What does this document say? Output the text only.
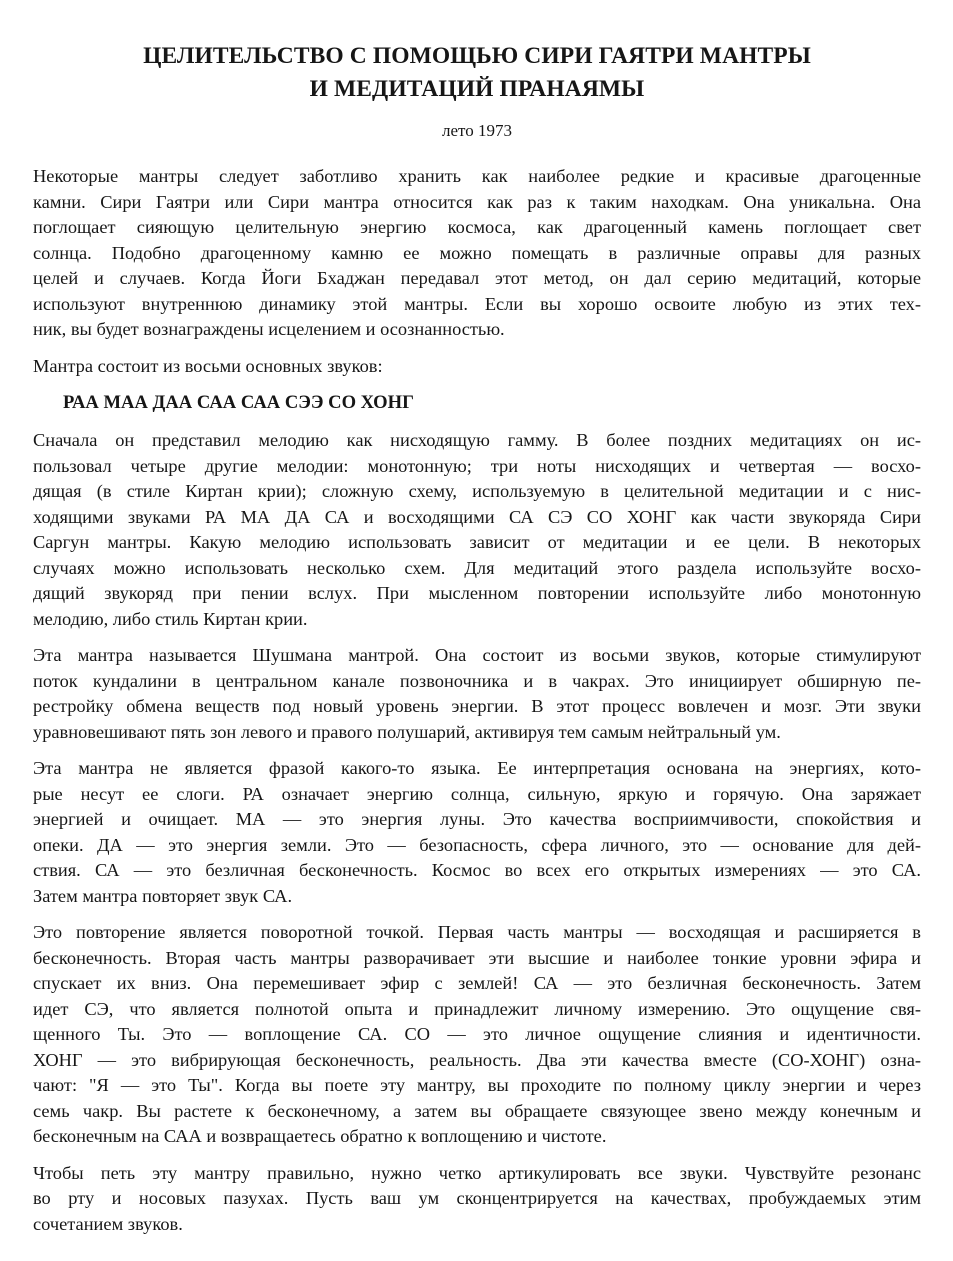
ЦЕЛИТЕЛЬСТВО С ПОМОЩЬЮ СИРИ ГАЯТРИ МАНТРЫ
И МЕДИТАЦИЙ ПРАНАЯМЫ
лето 1973
Некоторые мантры следует заботливо хранить как наиболее редкие и красивые драгоценные
камни. Сири Гаятри или Сири мантра относится как раз к таким находкам. Она уникальна. Она
поглощает сияющую целительную энергию космоса, как драгоценный камень поглощает свет
солнца. Подобно драгоценному камню ее можно помещать в различные оправы для разных
целей и случаев. Когда Йоги Бхаджан передавал этот метод, он дал серию медитаций, которые
используют внутреннюю динамику этой мантры. Если вы хорошо освоите любую из этих тех-
ник, вы будет вознаграждены исцелением и осознанностью.
Мантра состоит из восьми основных звуков:
РАА МАА ДАА САА САА СЭЭ СО ХОНГ
Сначала он представил мелодию как нисходящую гамму. В более поздних медитациях он ис-
пользовал четыре другие мелодии: монотонную; три ноты нисходящих и четвертая — восхо-
дящая (в стиле Киртан крии); сложную схему, используемую в целительной медитации и с нис-
ходящими звуками РА МА ДА СА и восходящими СА СЭ СО ХОНГ как части звукоряда Сири
Саргун мантры. Какую мелодию использовать зависит от медитации и ее цели. В некоторых
случаях можно использовать несколько схем. Для медитаций этого раздела используйте восхо-
дящий звукоряд при пении вслух. При мысленном повторении используйте либо монотонную
мелодию, либо стиль Киртан крии.
Эта мантра называется Шушмана мантрой. Она состоит из восьми звуков, которые стимулируют
поток кундалини в центральном канале позвоночника и в чакрах. Это инициирует обширную пе-
рестройку обмена веществ под новый уровень энергии. В этот процесс вовлечен и мозг. Эти звуки
уравновешивают пять зон левого и правого полушарий, активируя тем самым нейтральный ум.
Эта мантра не является фразой какого-то языка. Ее интерпретация основана на энергиях, кото-
рые несут ее слоги. РА означает энергию солнца, сильную, яркую и горячую. Она заряжает
энергией и очищает. МА — это энергия луны. Это качества восприимчивости, спокойствия и
опеки. ДА — это энергия земли. Это — безопасность, сфера личного, это — основание для дей-
ствия. СА — это безличная бесконечность. Космос во всех его открытых измерениях — это СА.
Затем мантра повторяет звук СА.
Это повторение является поворотной точкой. Первая часть мантры — восходящая и расширяется в
бесконечность. Вторая часть мантры разворачивает эти высшие и наиболее тонкие уровни эфира и
спускает их вниз. Она перемешивает эфир с землей! СА — это безличная бесконечность. Затем
идет СЭ, что является полнотой опыта и принадлежит личному измерению. Это ощущение свя-
щенного Ты. Это — воплощение СА. СО — это личное ощущение слияния и идентичности.
ХОНГ — это вибрирующая бесконечность, реальность. Два эти качества вместе (СО-ХОНГ) озна-
чают: "Я — это Ты". Когда вы поете эту мантру, вы проходите по полному циклу энергии и через
семь чакр. Вы растете к бесконечному, а затем вы обращаете связующее звено между конечным и
бесконечным на САА и возвращаетесь обратно к воплощению и чистоте.
Чтобы петь эту мантру правильно, нужно четко артикулировать все звуки. Чувствуйте резонанс
во рту и носовых пазухах. Пусть ваш ум сконцентрируется на качествах, пробуждаемых этим
сочетанием звуков.
